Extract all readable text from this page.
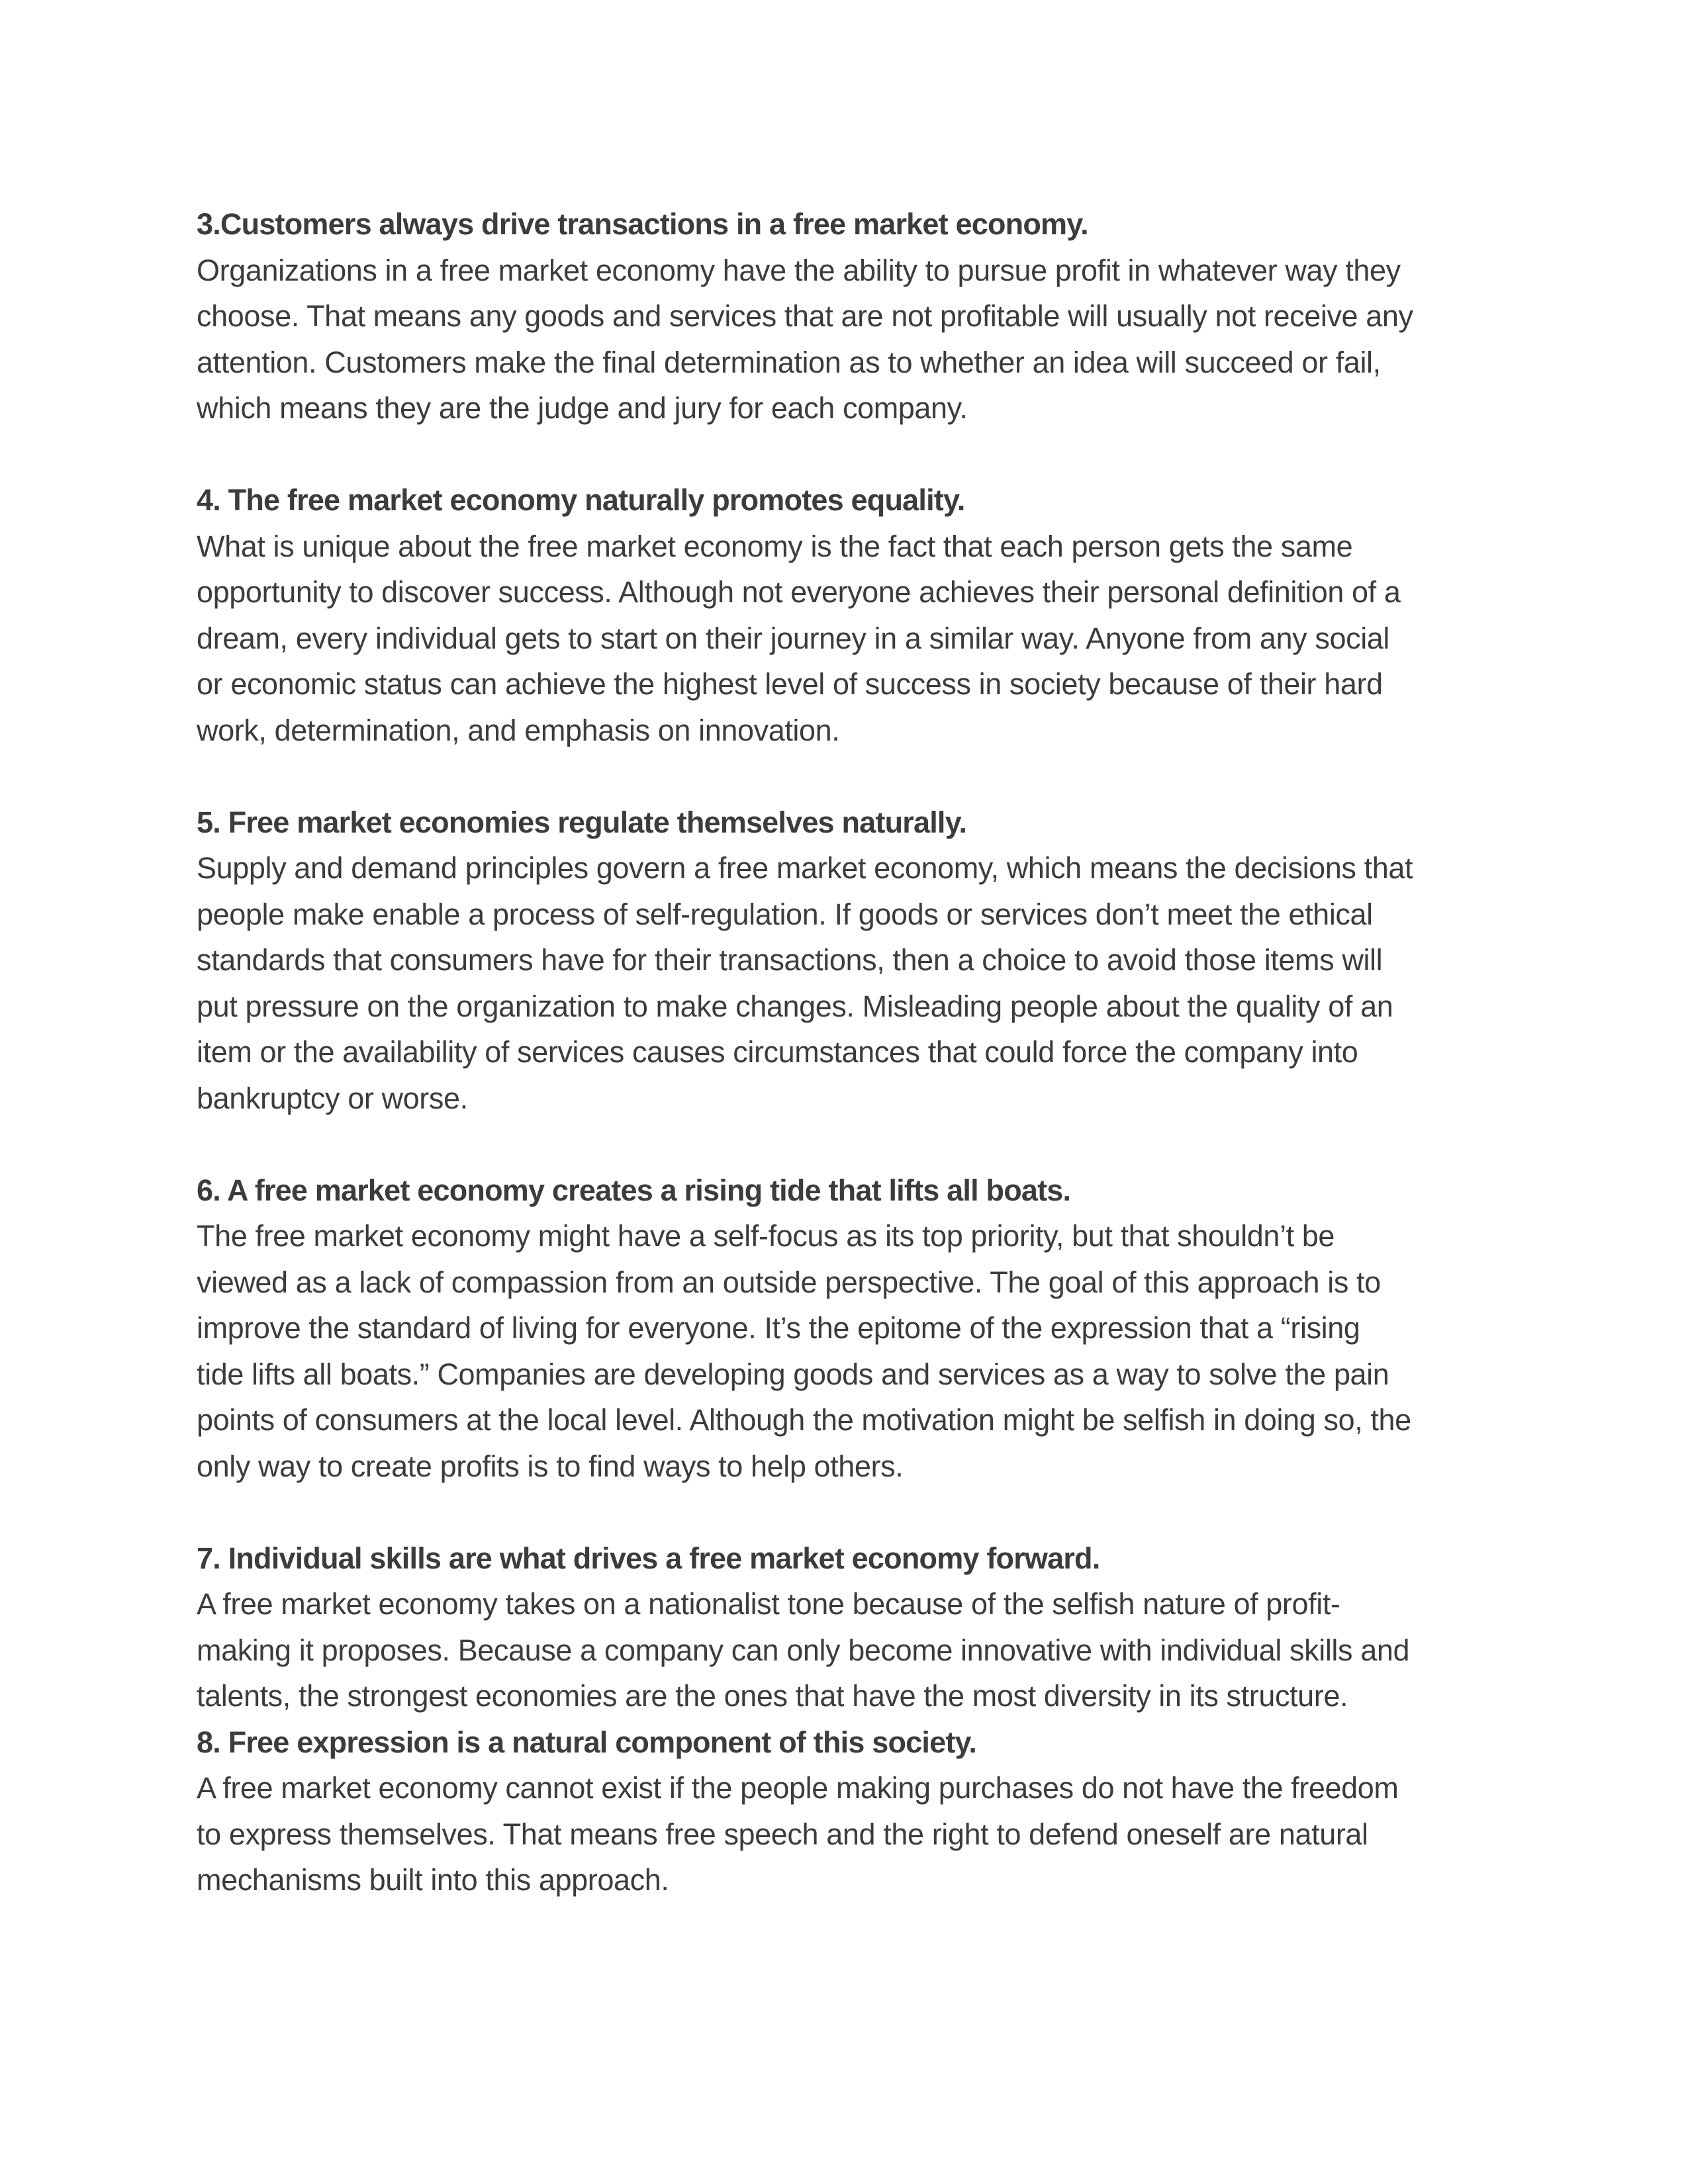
3.Customers always drive transactions in a free market economy.
Organizations in a free market economy have the ability to pursue profit in whatever way they
choose. That means any goods and services that are not profitable will usually not receive any
attention. Customers make the final determination as to whether an idea will succeed or fail,
which means they are the judge and jury for each company.
4. The free market economy naturally promotes equality.
What is unique about the free market economy is the fact that each person gets the same
opportunity to discover success. Although not everyone achieves their personal definition of a
dream, every individual gets to start on their journey in a similar way. Anyone from any social
or economic status can achieve the highest level of success in society because of their hard
work, determination, and emphasis on innovation.
5. Free market economies regulate themselves naturally.
Supply and demand principles govern a free market economy, which means the decisions that
people make enable a process of self-regulation. If goods or services don’t meet the ethical
standards that consumers have for their transactions, then a choice to avoid those items will
put pressure on the organization to make changes. Misleading people about the quality of an
item or the availability of services causes circumstances that could force the company into
bankruptcy or worse.
6. A free market economy creates a rising tide that lifts all boats.
The free market economy might have a self-focus as its top priority, but that shouldn’t be
viewed as a lack of compassion from an outside perspective. The goal of this approach is to
improve the standard of living for everyone. It’s the epitome of the expression that a “rising
tide lifts all boats.” Companies are developing goods and services as a way to solve the pain
points of consumers at the local level. Although the motivation might be selfish in doing so, the
only way to create profits is to find ways to help others.
7. Individual skills are what drives a free market economy forward.
A free market economy takes on a nationalist tone because of the selfish nature of profit-
making it proposes. Because a company can only become innovative with individual skills and
talents, the strongest economies are the ones that have the most diversity in its structure.
8. Free expression is a natural component of this society.
A free market economy cannot exist if the people making purchases do not have the freedom
to express themselves. That means free speech and the right to defend oneself are natural
mechanisms built into this approach.
